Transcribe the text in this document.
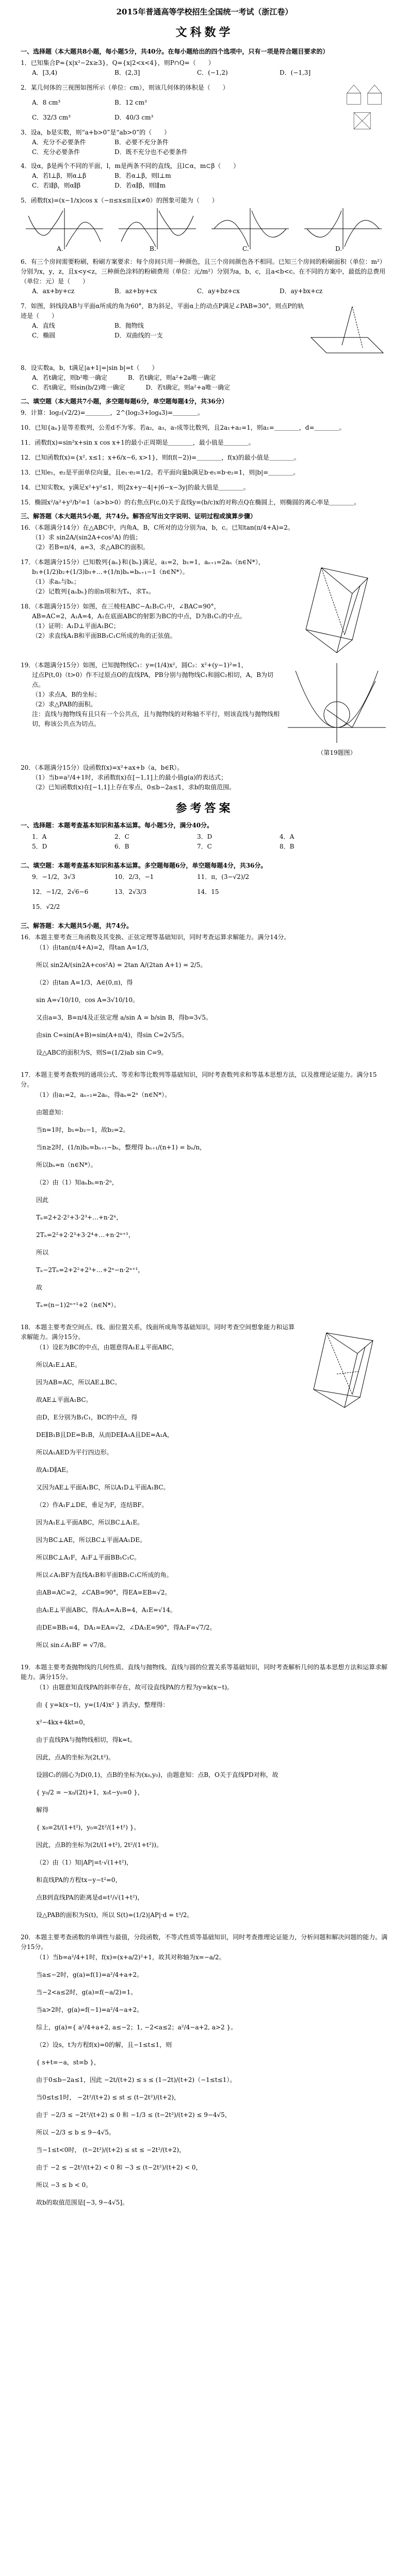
2015年普通高等学校招生全国统一考试（浙江卷）

文科数学

一、选择题（本大题共8小题，每小题5分，共40分。在每小题给出的四个选项中，只有一项是符合题目要求的）

1．已知集合P={x|x²−2x≥3}，Q={x|2<x<4}，则P∩Q=（　　）

A．[3,4)	B．(2,3]	C．(−1,2)	D．(−1,3]

2．某几何体的三视图如图所示（单位：cm），则该几何体的体积是（　　）

A．8 cm³	B．12 cm³
C．32/3 cm³	D．40/3 cm³

3．设a，b是实数，则“a+b>0”是“ab>0”的（　　）

A．充分不必要条件	B．必要不充分条件
C．充分必要条件	D．既不充分也不必要条件

4．设α，β是两个不同的平面，l，m是两条不同的直线，且l⊂α，m⊂β（　　）

A．若l⊥β，则α⊥β	B．若α⊥β，则l⊥m
C．若l∥β，则α∥β	D．若α∥β，则l∥m

5．函数f(x)=(x−1/x)cos x（−π≤x≤π且x≠0）的图象可能为（　　）

A.	B.	C.	D.

6．有三个房间需要粉刷，粉刷方案要求：每个房间只用一种颜色，且三个房间颜色各不相同。已知三个房间的粉刷面积（单位：m²）分别为x，y，z，且x<y<z，三种颜色涂料的粉刷费用（单位：元/m²）分别为a，b，c，且a<b<c。在不同的方案中，最低的总费用（单位：元）是（　　）

A．ax+by+cz	B．az+by+cx	C．ay+bz+cx	D．ay+bx+cz

7．如图，斜线段AB与平面α所成的角为60°，B为斜足，平面α上的动点P满足∠PAB=30°，则点P的轨迹是（　　）

A．直线	B．抛物线
C．椭圆	D．双曲线的一支

8．设实数a，b，t满足|a+1|=|sin b|=t（　　）

A．若t确定，则b²唯一确定	B．若t确定，则a²+2a唯一确定
C．若t确定，则sin(b/2)唯一确定	D．若t确定，则a²+a唯一确定

二、填空题（本大题共7小题，多空题每题6分，单空题每题4分，共36分）

9．计算：log₂(√2/2)=＿＿＿＿，2^(log₂3+log₄3)=＿＿＿＿。

10．已知{aₙ}是等差数列，公差d不为零。若a₂，a₃，a₇成等比数列，且2a₁+a₂=1，则a₁=＿＿＿＿，d=＿＿＿＿。

11．函数f(x)=sin²x+sin x cos x+1的最小正周期是＿＿＿＿，最小值是＿＿＿＿。

12．已知函数f(x)={x², x≤1；x+6/x−6, x>1}，则f(f(−2))=＿＿＿＿，f(x)的最小值是＿＿＿＿。

13．已知e₁，e₂是平面单位向量，且e₁·e₂=1/2。若平面向量b满足b·e₁=b·e₂=1，则|b|=＿＿＿＿。

14．已知实数x，y满足x²+y²≤1，则|2x+y−4|+|6−x−3y|的最大值是＿＿＿＿。

15．椭圆x²/a²+y²/b²=1（a>b>0）的右焦点F(c,0)关于直线y=(b/c)x的对称点Q在椭圆上，则椭圆的离心率是＿＿＿＿。

三、解答题（本大题共5小题，共74分。解答应写出文字说明、证明过程或演算步骤）

16．（本题满分14分）在△ABC中，内角A，B，C所对的边分别为a，b，c。已知tan(π/4+A)=2。

（1）求 sin2A/(sin2A+cos²A) 的值；

（2）若B=π/4，a=3，求△ABC的面积。

17．（本题满分15分）已知数列{aₙ}和{bₙ}满足，a₁=2，b₁=1，aₙ₊₁=2aₙ（n∈N*），

b₁+(1/2)b₂+(1/3)b₃+…+(1/n)bₙ=bₙ₊₁−1（n∈N*）。

（1）求aₙ与bₙ；

（2）记数列{aₙbₙ}的前n项和为Tₙ，求Tₙ。

18．（本题满分15分）如图，在三棱柱ABC−A₁B₁C₁中，∠BAC=90°，

AB=AC=2，A₁A=4，A₁在底面ABC的射影为BC的中点，D为B₁C₁的中点。

（1）证明：A₁D⊥平面A₁BC；

（2）求直线A₁B和平面BB₁C₁C所成的角的正弦值。

19．（本题满分15分）如图，已知抛物线C₁：y=(1/4)x²，圆C₂：x²+(y−1)²=1，

过点P(t,0)（t>0）作不过原点O的直线PA，PB分别与抛物线C₁和圆C₂相切，A，B为切点。

（1）求点A，B的坐标；

（2）求△PAB的面积。

注：直线与抛物线有且只有一个公共点，且与抛物线的对称轴不平行，则该直线与抛物线相切，称该公共点为切点。

（第19题图）

20．（本题满分15分）设函数f(x)=x²+ax+b（a，b∈R）。

（1）当b=a²/4+1时，求函数f(x)在[−1,1]上的最小值g(a)的表达式；

（2）已知函数f(x)在[−1,1]上存在零点，0≤b−2a≤1，求b的取值范围。

参考答案

一、选择题：本题考查基本知识和基本运算。每小题5分，满分40分。

1．A	2．C	3．D	4．A
5．D	6．B	7．C	8．B

二、填空题：本题考查基本知识和基本运算。多空题每题6分，单空题每题4分，共36分。

9．−1/2，3√3	10．2/3，−1	11．π，(3−√2)/2
12．−1/2，2√6−6	13．2√3/3	14．15
15．√2/2

三、解答题：本大题共5小题，共74分。

16．本题主要考查三角函数及其变换、正弦定理等基础知识，同时考查运算求解能力。满分14分。

（1）由tan(π/4+A)=2，得tan A=1/3，

所以 sin2A/(sin2A+cos²A) = 2tan A/(2tan A+1) = 2/5。

（2）由tan A=1/3，A∈(0,π)，得

sin A=√10/10，cos A=3√10/10。

又由a=3，B=π/4及正弦定理 a/sin A = b/sin B，得b=3√5。

由sin C=sin(A+B)=sin(A+π/4)，得sin C=2√5/5。

设△ABC的面积为S，则S=(1/2)ab sin C=9。

17．本题主要考查数列的通项公式、等差和等比数列等基础知识，同时考查数列求和等基本思想方法，以及推理论证能力。满分15分。

（1）由a₁=2，aₙ₊₁=2aₙ，得aₙ=2ⁿ（n∈N*）。

由题意知：

当n=1时，b₁=b₂−1，故b₂=2。

当n≥2时，(1/n)bₙ=bₙ₊₁−bₙ，整理得 bₙ₊₁/(n+1) = bₙ/n，

所以bₙ=n（n∈N*）。

（2）由（1）知aₙbₙ=n·2ⁿ，

因此

Tₙ=2+2·2²+3·2³+…+n·2ⁿ，

2Tₙ=2²+2·2³+3·2⁴+…+n·2ⁿ⁺¹，

所以

Tₙ−2Tₙ=2+2²+2³+…+2ⁿ−n·2ⁿ⁺¹，

故

Tₙ=(n−1)2ⁿ⁺¹+2（n∈N*）。

18．本题主要考查空间点、线、面位置关系，线面所成角等基础知识，同时考查空间想象能力和运算求解能力。满分15分。

（1）设E为BC的中点，由题意得A₁E⊥平面ABC，

所以A₁E⊥AE。

因为AB=AC，所以AE⊥BC。

故AE⊥平面A₁BC。

由D，E分别为B₁C₁，BC的中点，得

DE∥B₁B且DE=B₁B，从而DE∥A₁A且DE=A₁A，

所以A₁AED为平行四边形。

故A₁D∥AE。

又因为AE⊥平面A₁BC，所以A₁D⊥平面A₁BC。

（2）作A₁F⊥DE，垂足为F，连结BF。

因为A₁E⊥平面ABC，所以BC⊥A₁E。

因为BC⊥AE，所以BC⊥平面AA₁DE。

所以BC⊥A₁F，A₁F⊥平面BB₁C₁C。

所以∠A₁BF为直线A₁B和平面BB₁C₁C所成的角。

由AB=AC=2，∠CAB=90°，得EA=EB=√2。

由A₁E⊥平面ABC，得A₁A=A₁B=4，A₁E=√14。

由DE=BB₁=4，DA₁=EA=√2，∠DA₁E=90°，得A₁F=√7/2。

所以 sin∠A₁BF = √7/8。

19．本题主要考查抛物线的几何性质、直线与抛物线、直线与圆的位置关系等基础知识，同时考查解析几何的基本思想方法和运算求解能力。满分15分。

（1）由题意知直线PA的斜率存在，故可设直线PA的方程为y=k(x−t)。

由 { y=k(x−t)，y=(1/4)x² } 消去y，整理得：

x²−4kx+4kt=0，

由于直线PA与抛物线相切，得k=t。

因此，点A的坐标为(2t,t²)。

设圆C₂的圆心为D(0,1)，点B的坐标为(x₀,y₀)，由题意知：点B，O关于直线PD对称，故

{ y₀/2 = −x₀/(2t)+1，x₀t−y₀=0 }，

解得

{ x₀=2t/(1+t²)，y₀=2t²/(1+t²) }。

因此，点B的坐标为(2t/(1+t²), 2t²/(1+t²))。

（2）由（1）知|AP|=t·√(1+t²)，

和直线PA的方程tx−y−t²=0，

点B到直线PA的距离是d=t²/√(1+t²)，

设△PAB的面积为S(t)，所以 S(t)=(1/2)|AP|·d = t³/2。

20．本题主要考查函数的单调性与最值，分段函数，不等式性质等基础知识，同时考查推理论证能力，分析问题和解决问题的能力。满分15分。

（1）当b=a²/4+1时，f(x)=(x+a/2)²+1，故其对称轴为x=−a/2。

当a≤−2时，g(a)=f(1)=a²/4+a+2。

当−2<a≤2时，g(a)=f(−a/2)=1。

当a>2时，g(a)=f(−1)=a²/4−a+2。

综上，g(a)={ a²/4+a+2, a≤−2；1, −2<a≤2；a²/4−a+2, a>2 }。

（2）设s，t为方程f(x)=0的解，且−1≤t≤1，则

{ s+t=−a，st=b }，

由于0≤b−2a≤1，因此 −2t/(t+2) ≤ s ≤ (1−2t)/(t+2)（−1≤t≤1）。

当0≤t≤1时， −2t²/(t+2) ≤ st ≤ (t−2t²)/(t+2)，

由于 −2/3 ≤ −2t²/(t+2) ≤ 0 和 −1/3 ≤ (t−2t²)/(t+2) ≤ 9−4√5，

所以 −2/3 ≤ b ≤ 9−4√5。

当−1≤t<0时， (t−2t²)/(t+2) ≤ st ≤ −2t²/(t+2)，

由于 −2 ≤ −2t²/(t+2) < 0 和 −3 ≤ (t−2t²)/(t+2) < 0，

所以 −3 ≤ b < 0。

故b的取值范围是[−3, 9−4√5]。
